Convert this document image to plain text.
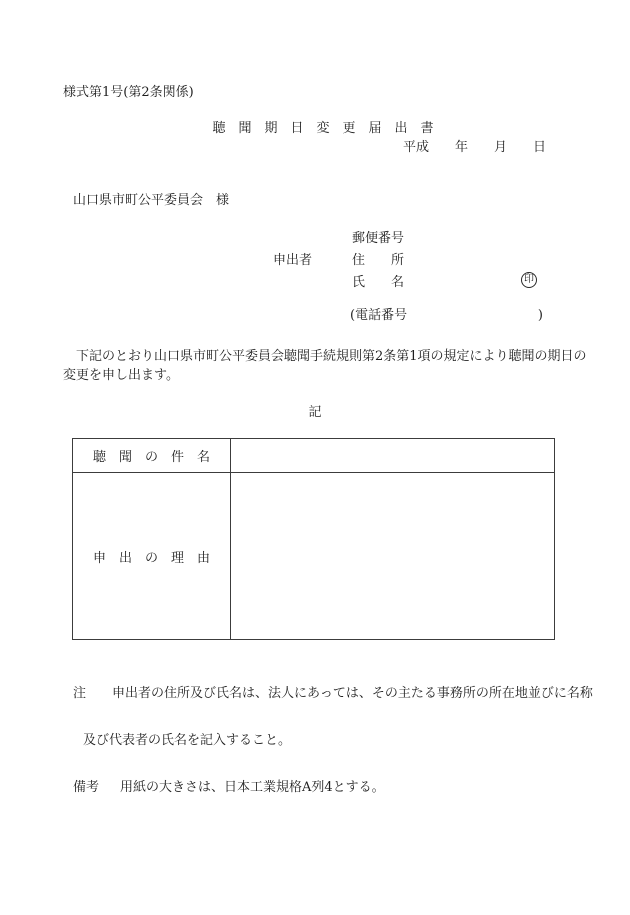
様式第1号(第2条関係)
聴　聞　期　日　変　更　届　出　書
平成　　年　　月　　日
山口県市町公平委員会　様
郵便番号
申出者	住　　所
氏　　名	印
(電話番号	)
　下記のとおり山口県市町公平委員会聴聞手続規則第2条第1項の規定により聴聞の期日の
変更を申し出ます。
記
聴　聞　の　件　名	
申　出　の　理　由	

注 申出者の住所及び氏名は、法人にあっては、その主たる事務所の所在地並びに名称

及び代表者の氏名を記入すること。

備考 用紙の大きさは、日本工業規格A列4とする。
